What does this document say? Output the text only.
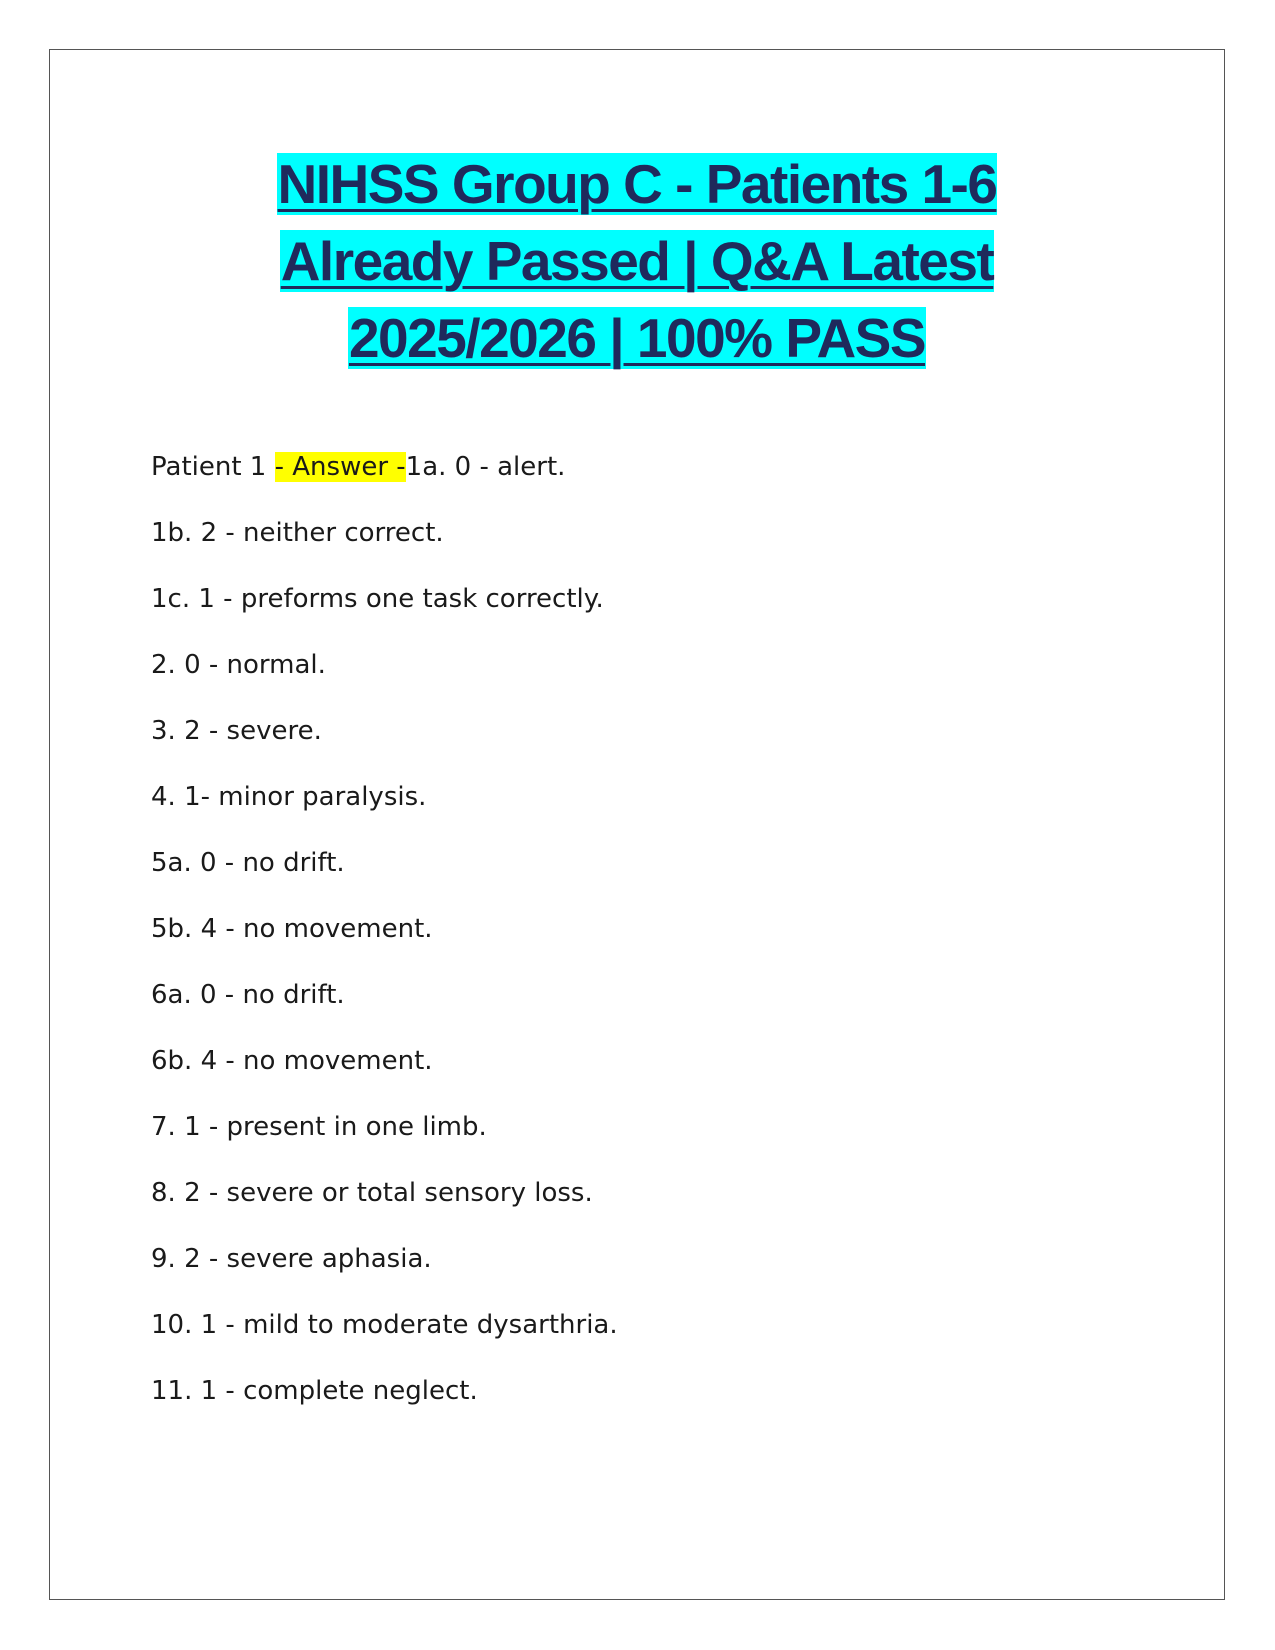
NIHSS Group C - Patients 1-6
Already Passed | Q&A Latest
2025/2026 | 100% PASS
Patient 1 - Answer -1a. 0 - alert.
1b. 2 - neither correct.
1c. 1 - preforms one task correctly.
2. 0 - normal.
3. 2 - severe.
4. 1- minor paralysis.
5a. 0 - no drift.
5b. 4 - no movement.
6a. 0 - no drift.
6b. 4 - no movement.
7. 1 - present in one limb.
8. 2 - severe or total sensory loss.
9. 2 - severe aphasia.
10. 1 - mild to moderate dysarthria.
11. 1 - complete neglect.
